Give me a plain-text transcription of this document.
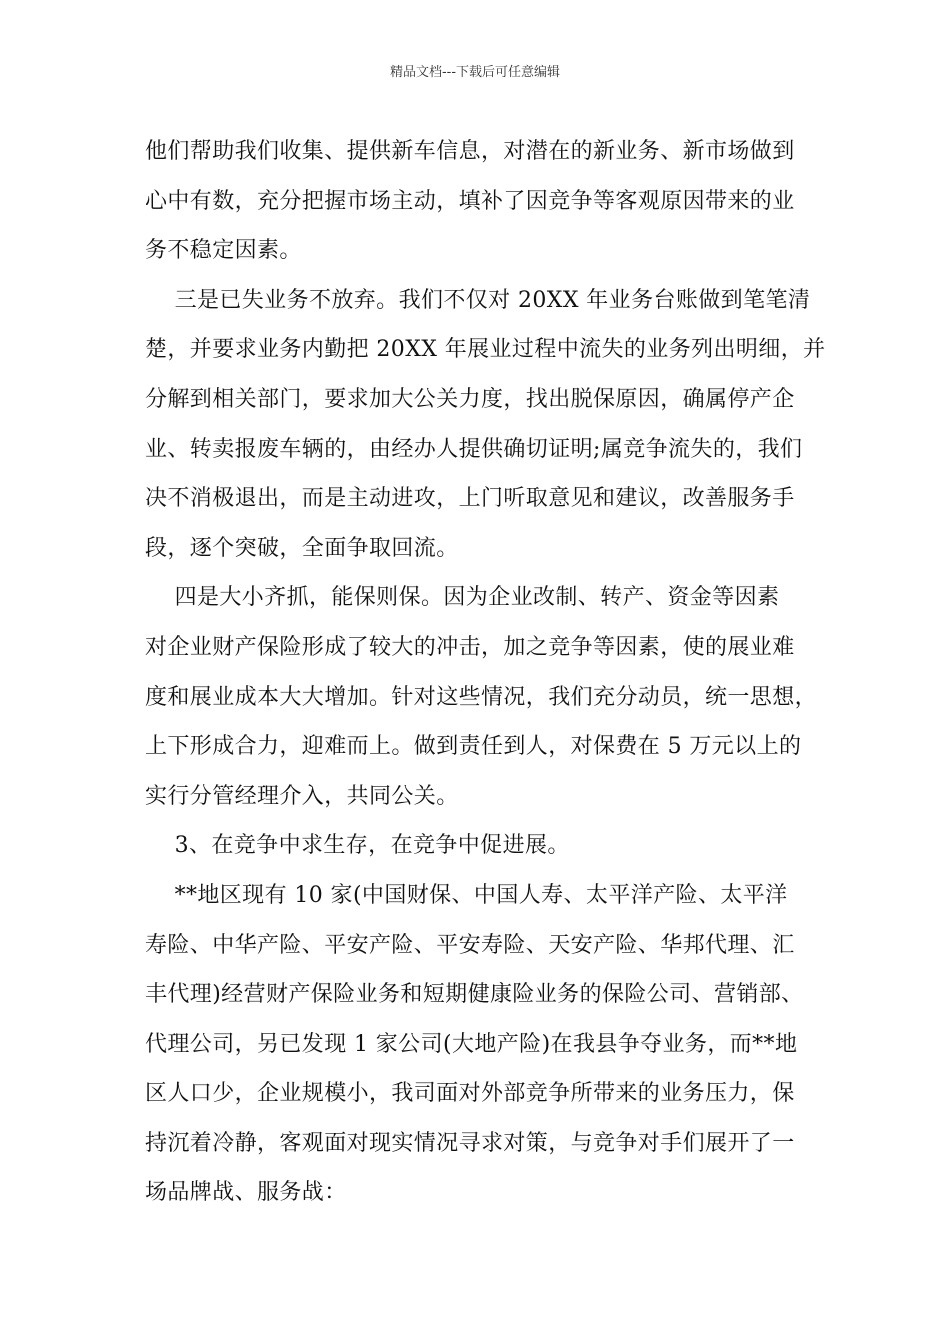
精品文档---下载后可任意编辑
他们帮助我们收集、提供新车信息，对潜在的新业务、新市场做到
心中有数，充分把握市场主动，填补了因竞争等客观原因带来的业
务不稳定因素。
三是已失业务不放弃。我们不仅对 20XX 年业务台账做到笔笔清
楚，并要求业务内勤把 20XX 年展业过程中流失的业务列出明细，并
分解到相关部门，要求加大公关力度，找出脱保原因，确属停产企
业、转卖报废车辆的，由经办人提供确切证明;属竞争流失的，我们
决不消极退出，而是主动进攻，上门听取意见和建议，改善服务手
段，逐个突破，全面争取回流。
四是大小齐抓，能保则保。因为企业改制、转产、资金等因素
对企业财产保险形成了较大的冲击，加之竞争等因素，使的展业难
度和展业成本大大增加。针对这些情况，我们充分动员，统一思想，
上下形成合力，迎难而上。做到责任到人，对保费在 5 万元以上的
实行分管经理介入，共同公关。
3、在竞争中求生存，在竞争中促进展。
**地区现有 10 家(中国财保、中国人寿、太平洋产险、太平洋
寿险、中华产险、平安产险、平安寿险、天安产险、华邦代理、汇
丰代理)经营财产保险业务和短期健康险业务的保险公司、营销部、
代理公司，另已发现 1 家公司(大地产险)在我县争夺业务，而**地
区人口少，企业规模小，我司面对外部竞争所带来的业务压力，保
持沉着冷静，客观面对现实情况寻求对策，与竞争对手们展开了一
场品牌战、服务战：
